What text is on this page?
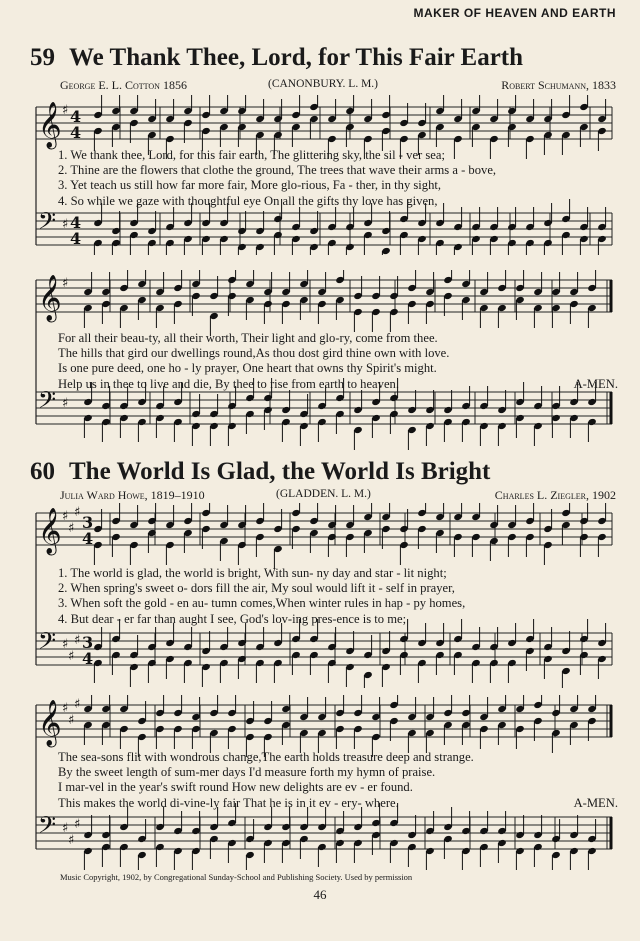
MAKER OF HEAVEN AND EARTH
59 We Thank Thee, Lord, for This Fair Earth
George E. L. Cotton 1856	(CANONBURY. L. M.)	Robert Schumann, 1833
𝄞 ♯ 4
4
𝄢 ♯ 4
4
1. We thank thee, Lord, for this fair earth, The glittering sky, the sil - ver sea;
2. Thine are the flowers that clothe the ground, The trees that wave their arms a - bove,
3. Yet teach us still how far more fair, More glo-rious, Fa - ther, in thy sight,
4. So while we gaze with thoughtful eye On all the gifts thy love has given,
𝄞 ♯
𝄢 ♯
For all their beau-ty, all their worth, Their light and glo-ry, come from thee.
The hills that gird our dwellings round,As thou dost gird thine own with love.
Is one pure deed, one ho - ly prayer, One heart that owns thy Spirit's might.
Help us in thee to live and die, By thee to rise from earth to heaven.	A-MEN.
60 The World Is Glad, the World Is Bright
Julia Ward Howe, 1819–1910	(GLADDEN. L. M.)	Charles L. Ziegler, 1902
𝄞 ♯
♯
♯
3
4
𝄢 ♯
♯
♯ 3
4
1. The world is glad, the world is bright, With sun- ny day and star - lit night;
2. When spring's sweet o- dors fill the air, My soul would lift it - self in prayer,
3. When soft the gold - en au- tumn comes,When winter rules in hap - py homes,
4. But dear - er far than aught I see, God's lov-ing pres-ence is to me;
𝄞 ♯
♯
♯
𝄢 ♯
♯
♯
The sea-sons flit with wondrous change,The earth holds treasure deep and strange.
By the sweet length of sum-mer days I'd measure forth my hymn of praise.
I mar-vel in the year's swift round How new delights are ev - er found.
This makes the world di-vine-ly fair That he is in it ev - ery- where.	A-MEN.
Music Copyright, 1902, by Congregational Sunday-School and Publishing Society. Used by permission
46
